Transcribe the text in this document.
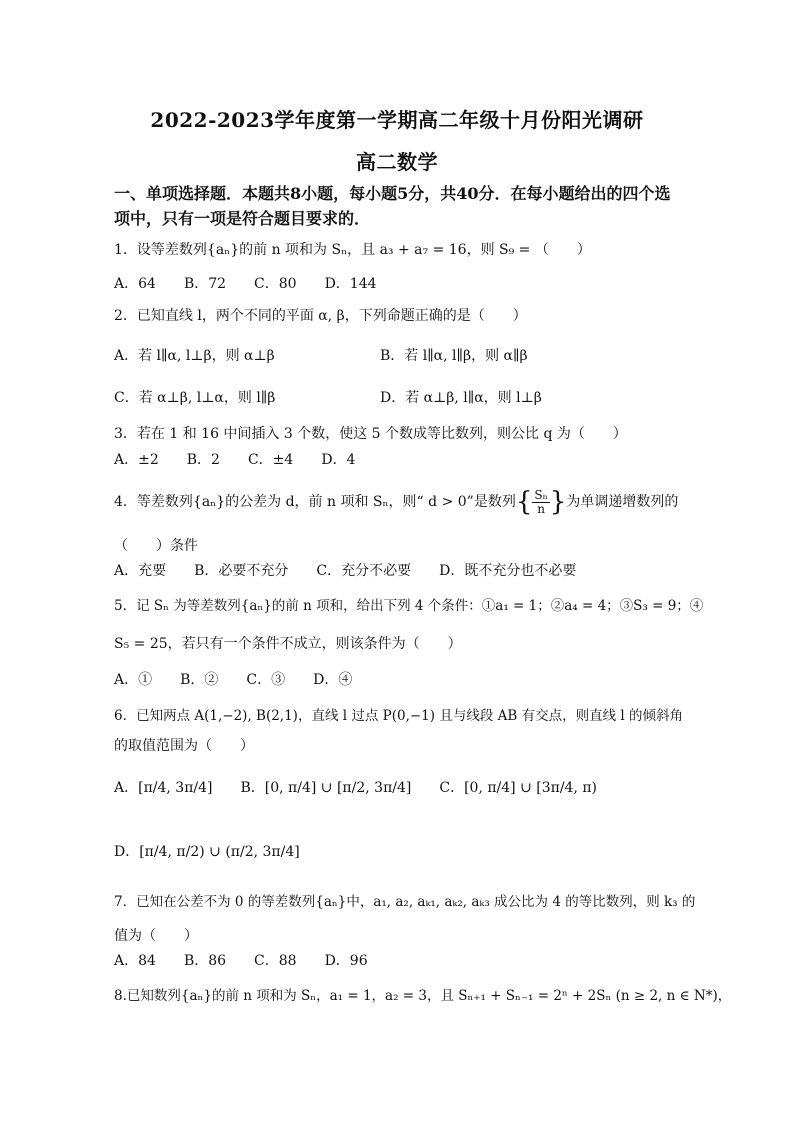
2022-2023学年度第一学期高二年级十月份阳光调研
高二数学
一、单项选择题．本题共8小题，每小题5分，共40分．在每小题给出的四个选
项中，只有一项是符合题目要求的．
1．设等差数列{aₙ}的前 n 项和为 Sₙ，且 a₃ + a₇ = 16，则 S₉ = （　　）
A．64 B．72 C．80 D．144
2．已知直线 l，两个不同的平面 α, β，下列命题正确的是（　　）
A．若 l∥α, l⊥β，则 α⊥β	B．若 l∥α, l∥β，则 α∥β
C．若 α⊥β, l⊥α，则 l∥β	D．若 α⊥β, l∥α，则 l⊥β
3．若在 1 和 16 中间插入 3 个数，使这 5 个数成等比数列，则公比 q 为（　　）
A．±2 B．2 C．±4 D．4
4．等差数列{aₙ}的公差为 d，前 n 项和 Sₙ，则“ d > 0”是数列{ $\frac{\text{Sₙ}}{n}$ }为单调递增数列的
（　　）条件
A．充要 B．必要不充分 C．充分不必要 D．既不充分也不必要
5．记 Sₙ 为等差数列{aₙ}的前 n 项和，给出下列 4 个条件：①a₁ = 1；②a₄ = 4；③S₃ = 9；④
S₅ = 25，若只有一个条件不成立，则该条件为（　　）
A．① B．② C．③ D．④
6．已知两点 A(1,−2), B(2,1)，直线 l 过点 P(0,−1) 且与线段 AB 有交点，则直线 l 的倾斜角
的取值范围为（　　）
A．[π/4, 3π/4] B．[0, π/4] ∪ [π/2, 3π/4] C．[0, π/4] ∪ [3π/4, π)
D．[π/4, π/2) ∪ (π/2, 3π/4]
7．已知在公差不为 0 的等差数列{aₙ}中，a₁, a₂, aₖ₁, aₖ₂, aₖ₃ 成公比为 4 的等比数列，则 k₃ 的
值为（　　）
A．84 B．86 C．88 D．96
8.已知数列{aₙ}的前 n 项和为 Sₙ，a₁ = 1，a₂ = 3，且 Sₙ₊₁ + Sₙ₋₁ = 2ⁿ + 2Sₙ (n ≥ 2, n ∈ N*)，
